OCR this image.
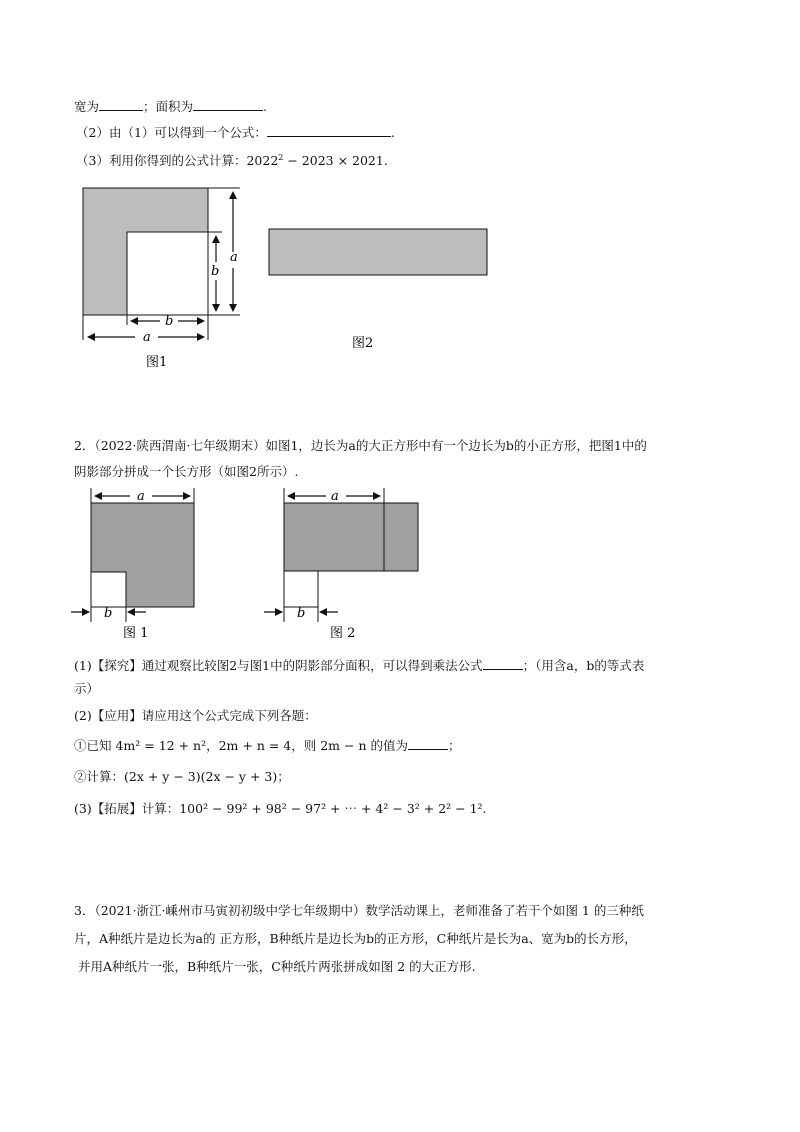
宽为	；面积为	.
（2）由（1）可以得到一个公式：	.
（3）利用你得到的公式计算：$2022^2 - 2023 \times 2021$.
a
b
b
a
图1
图2
a
b
图 1
a
b
图 2
2．（2022·陕西渭南·七年级期末）如图1，边长为a的大正方形中有一个边长为b的小正方形，把图1中的
阴影部分拼成一个长方形（如图2所示）.
(1)【探究】通过观察比较图2与图1中的阴影部分面积，可以得到乘法公式	；（用含a，b的等式表
示）
(2)【应用】请应用这个公式完成下列各题：
①已知 4m² = 12 + n²，2m + n = 4，则 2m − n 的值为	；
②计算：(2x + y − 3)(2x − y + 3)；
(3)【拓展】计算：100² − 99² + 98² − 97² + ⋯ + 4² − 3² + 2² − 1².
3．（2021·浙江·嵊州市马寅初初级中学七年级期中）数学活动课上，老师准备了若干个如图 1 的三种纸
片，A种纸片是边长为a的 正方形，B种纸片是边长为b的正方形，C种纸片是长为a、宽为b的长方形，
并用A种纸片一张，B种纸片一张，C种纸片两张拼成如图 2 的大正方形.
